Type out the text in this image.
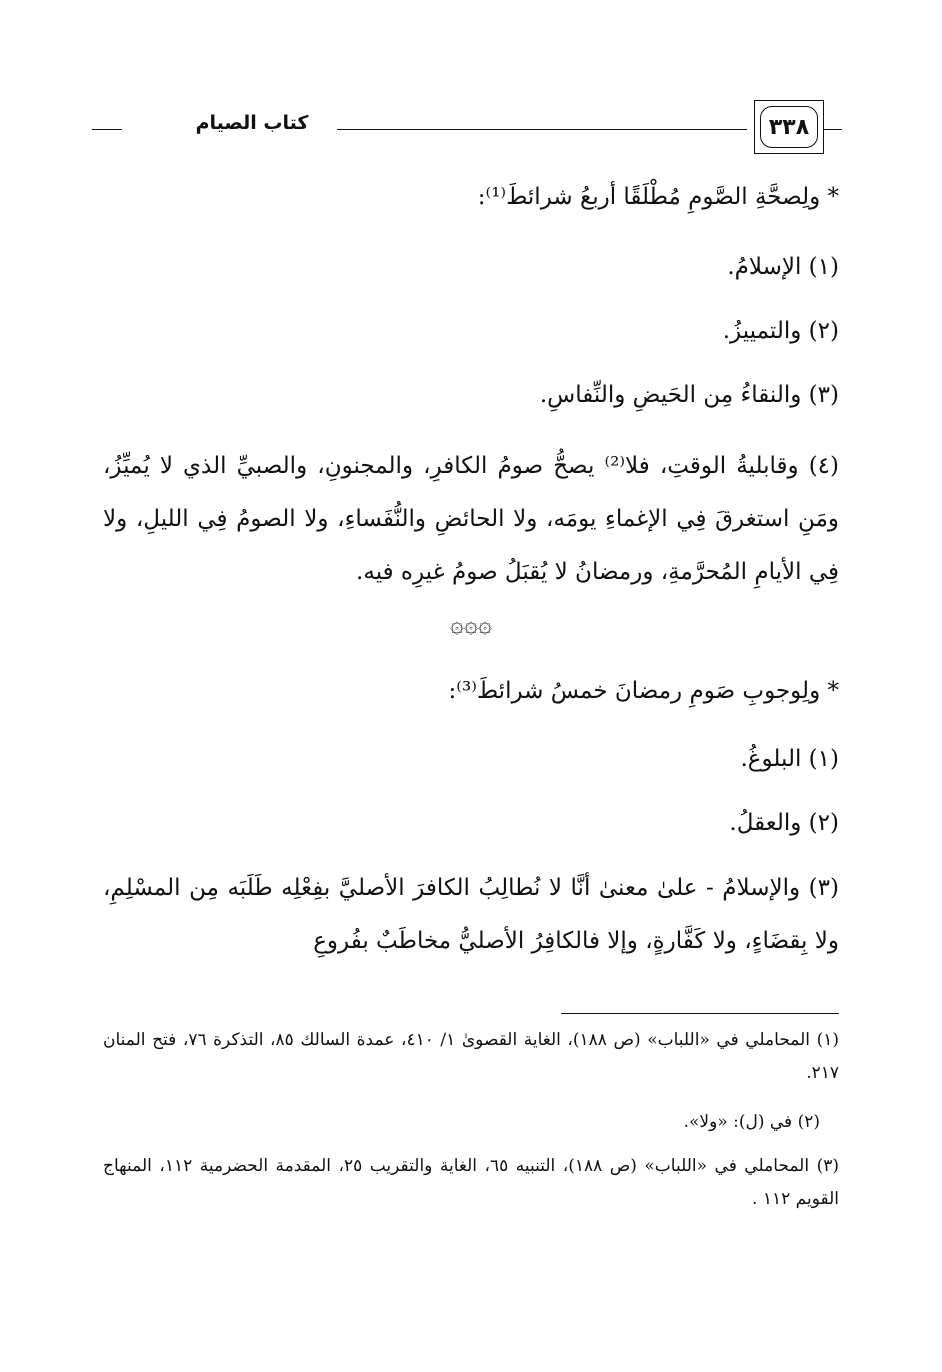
٣٣٨
كتاب الصيام
* ولِصحَّةِ الصَّومِ مُطْلَقًا أربعُ شرائطَ⁽¹⁾:
(١) الإسلامُ.
(٢) والتمييزُ.
(٣) والنقاءُ مِن الحَيضِ والنِّفاسِ.
(٤) وقابليةُ الوقتِ، فلا⁽²⁾ يصحُّ صومُ الكافرِ، والمجنونِ، والصبيِّ الذي لا يُميِّزُ، ومَنِ استغرقَ فِي الإغماءِ يومَه، ولا الحائضِ والنُّفَساءِ، ولا الصومُ فِي الليلِ، ولا فِي الأيامِ المُحرَّمةِ، ورمضانُ لا يُقبَلُ صومُ غيرِه فيه.
۞۞۞
* ولِوجوبِ صَومِ رمضانَ خمسُ شرائطَ⁽³⁾:
(١) البلوغُ.
(٢) والعقلُ.
(٣) والإسلامُ - علىٰ معنىٰ أنَّا لا نُطالِبُ الكافرَ الأصليَّ بفِعْلِه طَلَبَه مِن المسْلِمِ، ولا بِقضَاءٍ، ولا كَفَّارةٍ، وإلا فالكافِرُ الأصليُّ مخاطَبٌ بفُروعِ
(١) المحاملي في «اللباب» (ص ١٨٨)، الغاية القصوىٰ ١/ ٤١٠، عمدة السالك ٨٥، التذكرة ٧٦، فتح المنان ٢١٧.
(٢) في (ل): «ولا».
(٣) المحاملي في «اللباب» (ص ١٨٨)، التنبيه ٦٥، الغاية والتقريب ٢٥، المقدمة الحضرمية ١١٢، المنهاج القويم ١١٢ .
